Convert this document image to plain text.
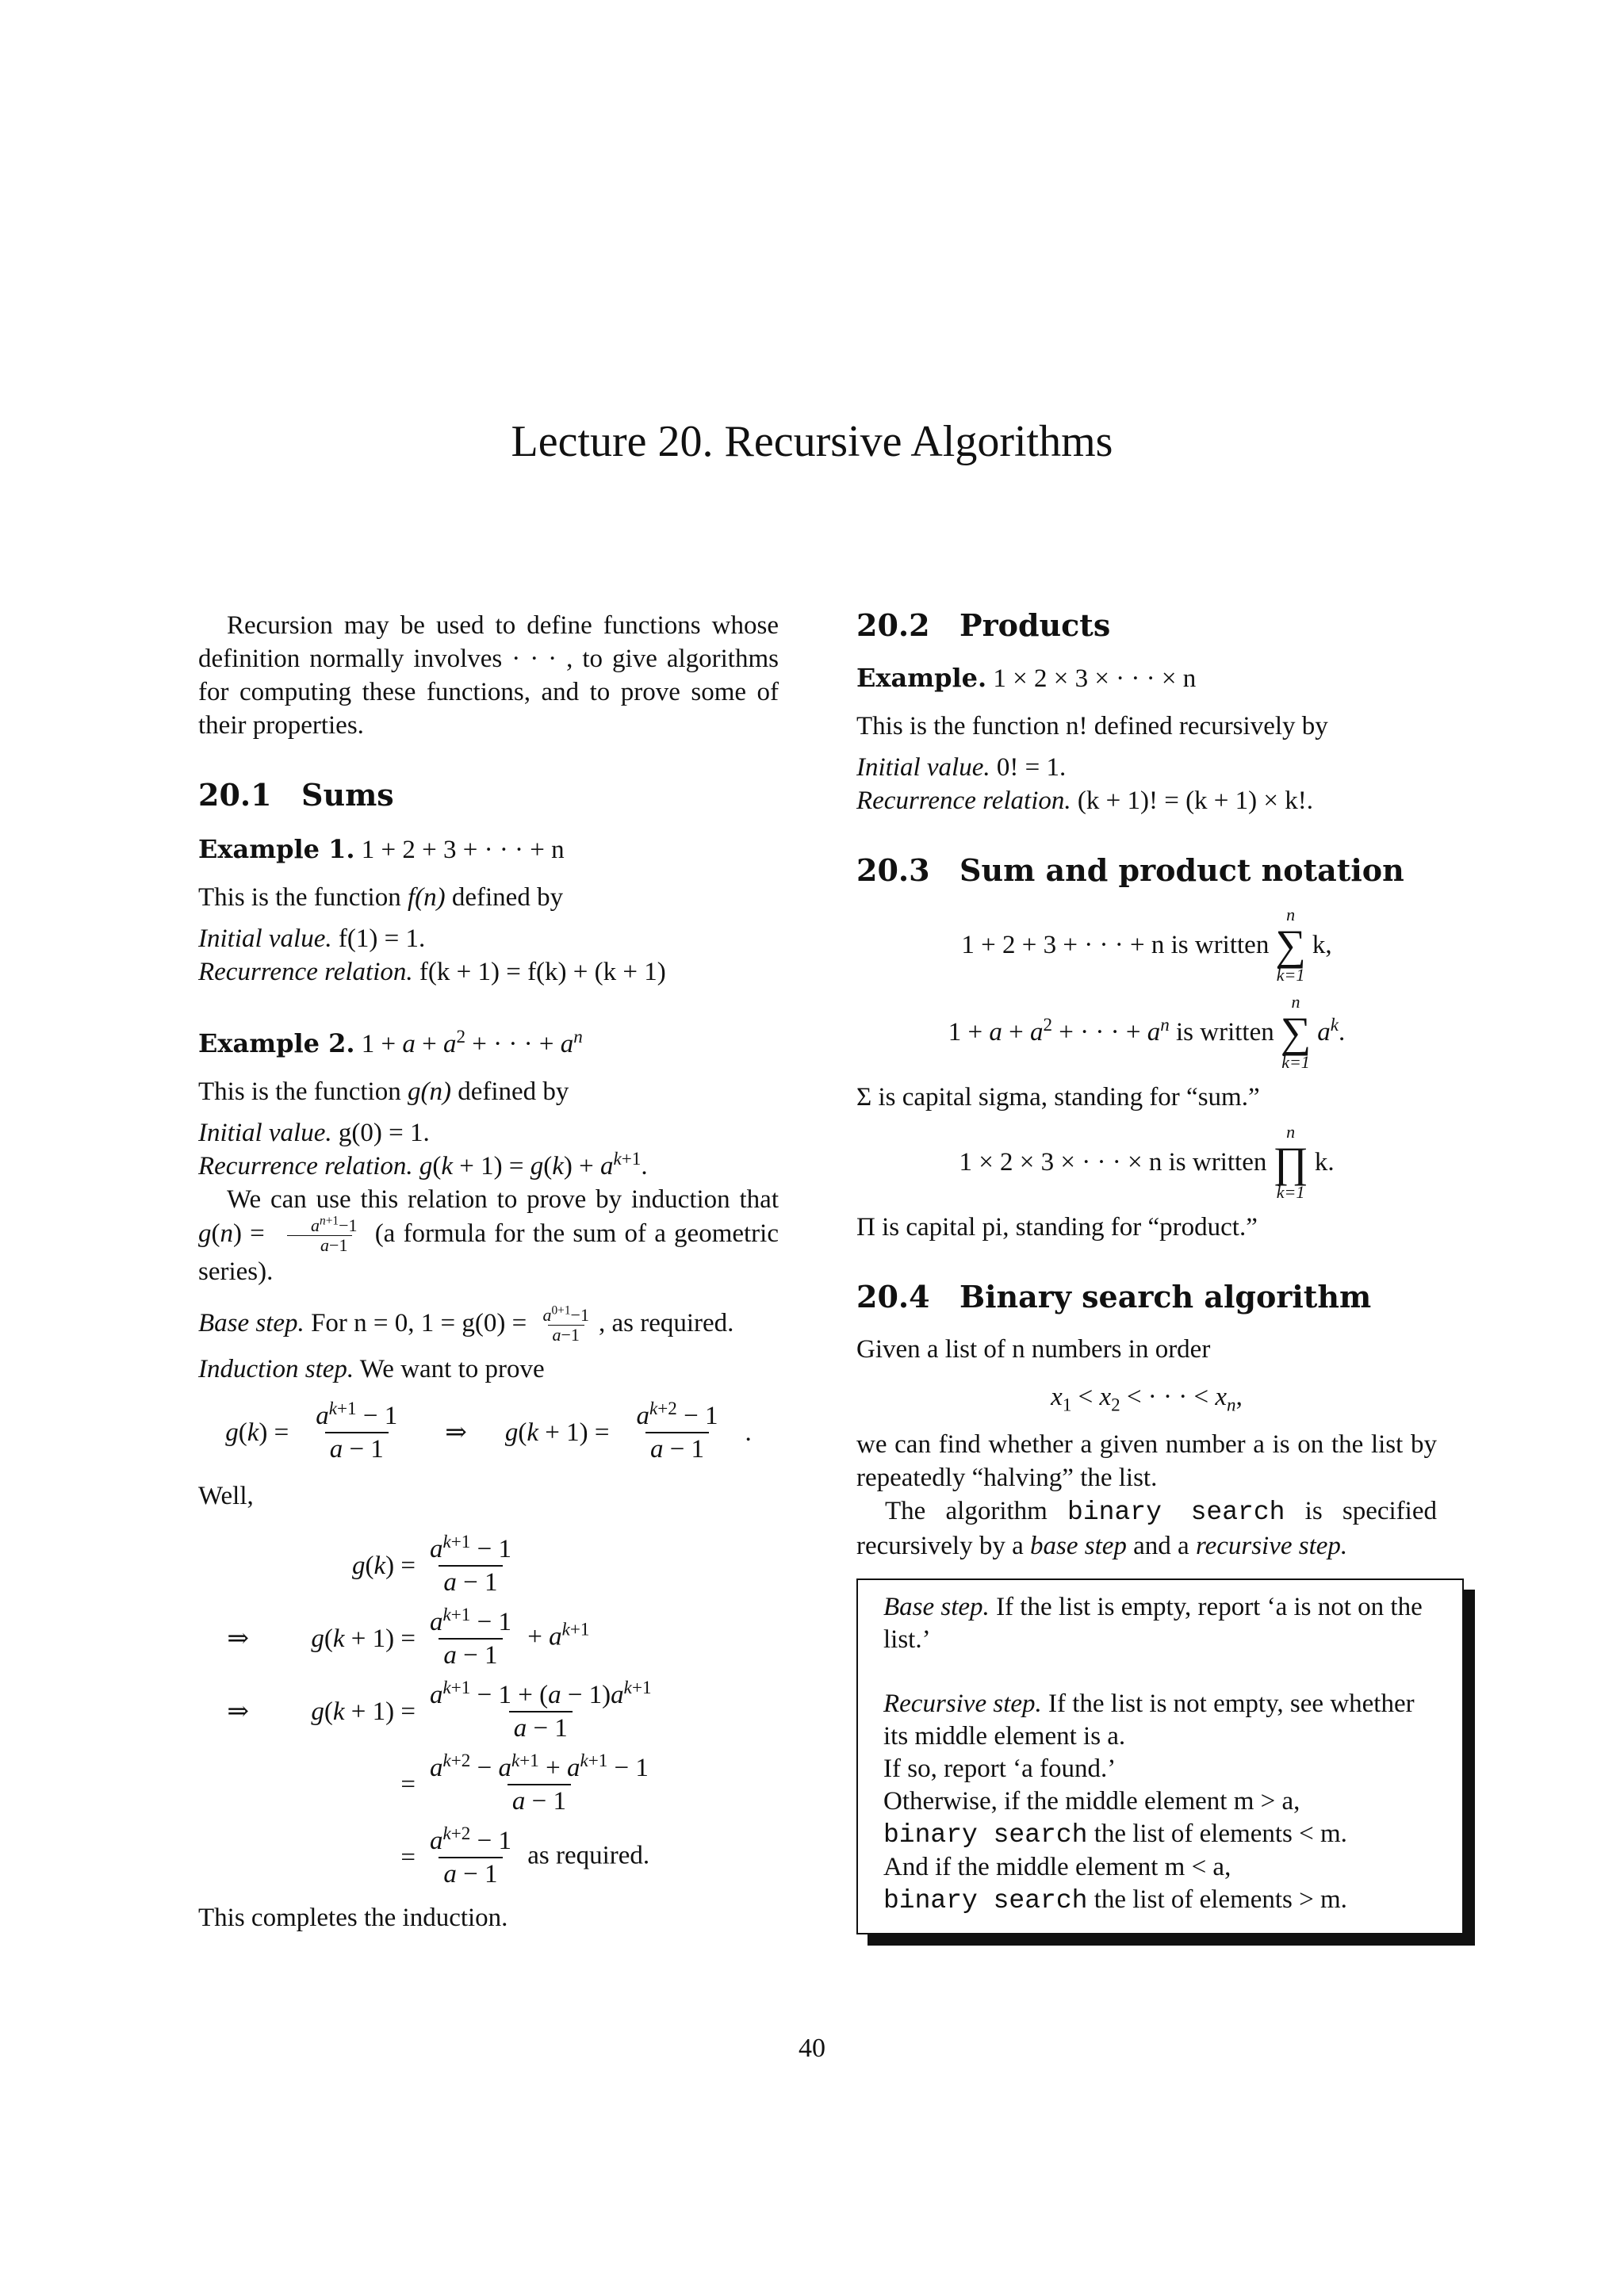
Lecture 20. Recursive Algorithms

Recursion may be used to define functions whose definition normally involves · · · , to give algorithms for computing these functions, and to prove some of their properties.

20.1 Sums

Example 1. 1 + 2 + 3 + · · · + n

This is the function f(n) defined by

Initial value. f(1) = 1.

Recurrence relation. f(k + 1) = f(k) + (k + 1)

Example 2. $1 + a + a^2$ + · · · + $a^n$

This is the function g(n) defined by

Initial value. g(0) = 1.

Recurrence relation. $g(k + 1) = g(k) + a^{k+1}$.

We can use this relation to prove by induction that $g(n) = \frac{a^{n+1}-1}{a-1} (a$ formula for the sum of a geometric series).

Base step. For n = 0, $1 = g(0) = \frac{a^{0+1}-1}{a-1}$ , as required.

Induction step. We want to prove

$g(k) = \frac{a^{k+1} - 1}{a - 1}$ ⇒ $g(k + 1) = \frac{a^{k+2} - 1}{a - 1}$ .

Well,

$g(k) = \frac{a^{k+1} - 1}{a - 1}$
⇒	$g(k + 1) = \frac{a^{k+1} - 1}{a - 1} + a^{k+1}$
⇒	$g(k + 1) = \frac{a^{k+1} - 1 + (a - 1)a^{k+1}}{a - 1}$
= $\frac{a^{k+2} - a^{k+1} + a^{k+1} - 1}{a - 1}$
= $\frac{a^{k+2} - 1}{a - 1}$ as required.

This completes the induction.

20.2 Products

Example. 1 × 2 × 3 × · · · × n

This is the function n! defined recursively by

Initial value. 0! = 1.

Recurrence relation. (k + 1)! = (k + 1) × k!.

20.3 Sum and product notation
1 + 2 + 3 + · · · + n
is written
n
∑
k=1
k,
$1 + a + a^2$ + · · · + $a^n$
is written
n
∑
k=1
$a^k$ .

Σ is capital sigma, standing for “sum.”

1 × 2 × 3 × · · · × n
is written
n
∏
k=1
k.

Π is capital pi, standing for “product.”

20.4 Binary search algorithm

Given a list of n numbers in order

$x_1 < x_2$ < · · · < $x_n$,

we can find whether a given number a is on the list by repeatedly “halving” the list.

The algorithm binary search is specified recursively by a base step and a recursive step.

Base step. If the list is empty, report ‘a is not on the list.’

Recursive step. If the list is not empty, see whether its middle element is a.

If so, report ‘a found.’

Otherwise, if the middle element m > a,

binary search the list of elements < m.

And if the middle element m < a,

binary search the list of elements > m.

40
